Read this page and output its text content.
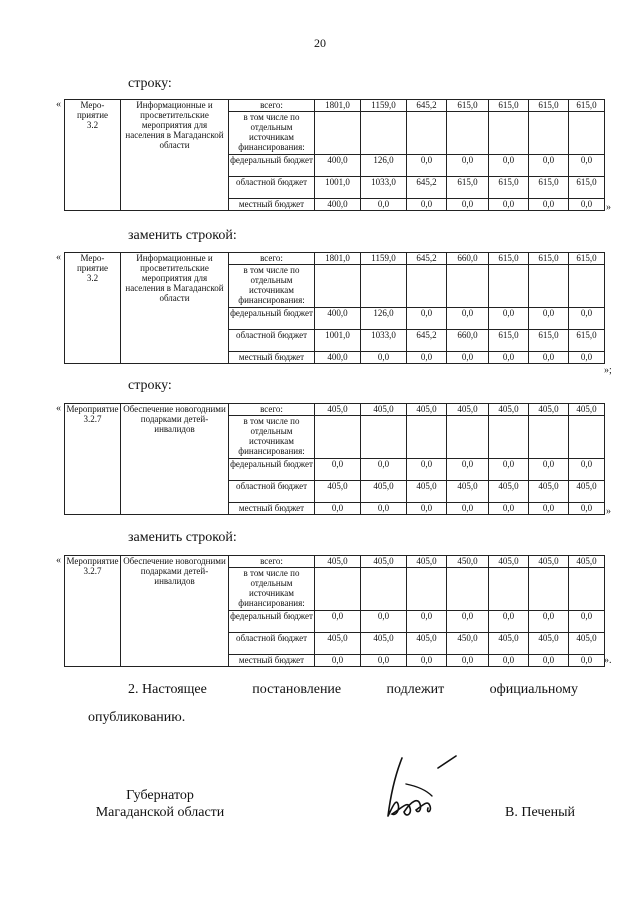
20
строку:
« Меро-
приятие
3.2	Информационные и просветительские мероприятия для населения в Магаданской области	всего:	1801,0	1159,0	645,2	615,0	615,0	615,0	615,0
		в том числе по отдельным источникам финансирования:							
		федеральный бюджет	400,0	126,0	0,0	0,0	0,0	0,0	0,0
		областной бюджет	1001,0	1033,0	645,2	615,0	615,0	615,0	615,0
		местный бюджет	400,0	0,0	0,0	0,0	0,0	0,0	0,0 »
заменить строкой:
« Меро-
приятие
3.2	Информационные и просветительские мероприятия для населения в Магаданской области	всего:	1801,0	1159,0	645,2	660,0	615,0	615,0	615,0
		в том числе по отдельным источникам финансирования:							
		федеральный бюджет	400,0	126,0	0,0	0,0	0,0	0,0	0,0
		областной бюджет	1001,0	1033,0	645,2	660,0	615,0	615,0	615,0
		местный бюджет	400,0	0,0	0,0	0,0	0,0	0,0	0,0
»;
строку:
« Мероприятие
3.2.7	Обеспечение новогодними подарками детей-инвалидов	всего:	405,0	405,0	405,0	405,0	405,0	405,0	405,0
		в том числе по отдельным источникам финансирования:							
		федеральный бюджет	0,0	0,0	0,0	0,0	0,0	0,0	0,0
		областной бюджет	405,0	405,0	405,0	405,0	405,0	405,0	405,0
		местный бюджет	0,0	0,0	0,0	0,0	0,0	0,0	0,0 »
заменить строкой:
« Мероприятие
3.2.7	Обеспечение новогодними подарками детей-инвалидов	всего:	405,0	405,0	405,0	450,0	405,0	405,0	405,0
		в том числе по отдельным источникам финансирования:							
		федеральный бюджет	0,0	0,0	0,0	0,0	0,0	0,0	0,0
		областной бюджет	405,0	405,0	405,0	450,0	405,0	405,0	405,0
		местный бюджет	0,0	0,0	0,0	0,0	0,0	0,0	0,0 ».
2. Настоящее	постановление	подлежит	официальному
опубликованию.
Губернатор
Магаданской области	В. Печеный
